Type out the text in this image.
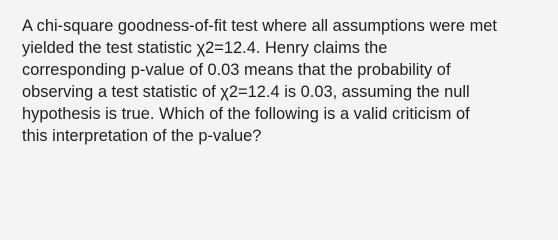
A chi-square goodness-of-fit test where all assumptions were met
yielded the test statistic χ2=12.4. Henry claims the
corresponding p-value of 0.03 means that the probability of
observing a test statistic of χ2=12.4 is 0.03, assuming the null
hypothesis is true. Which of the following is a valid criticism of
this interpretation of the p-value?
